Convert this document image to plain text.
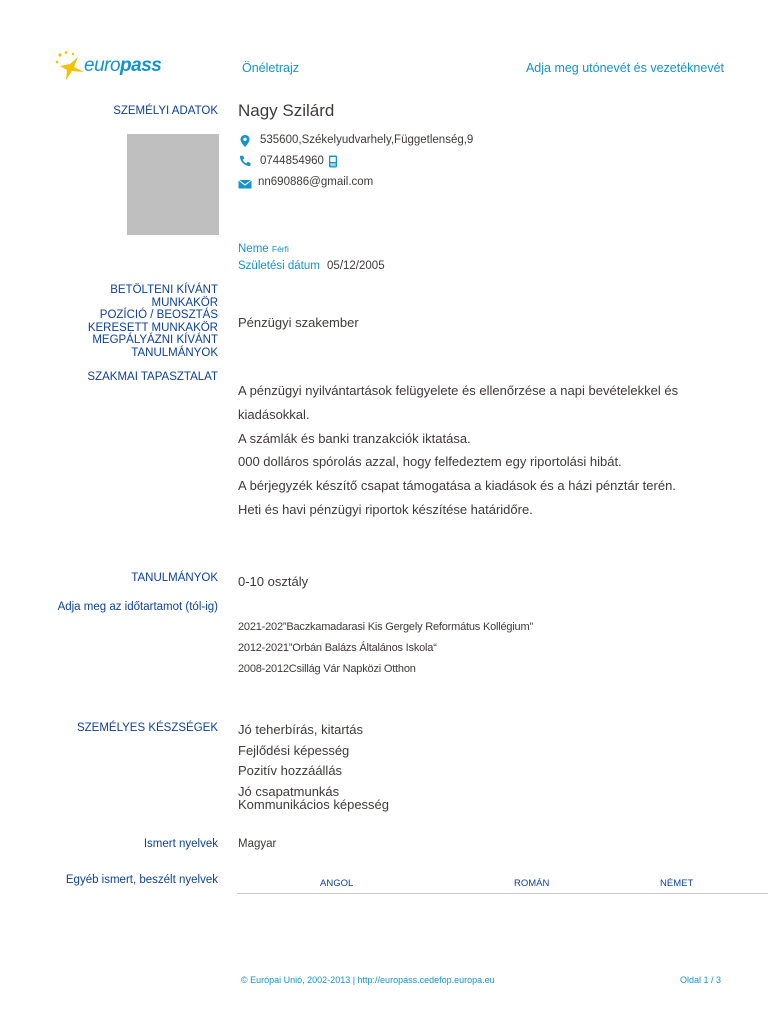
europass	Önéletrajz	Adja meg utónevét és vezetéknevét
SZEMÉLYI ADATOK Nagy Szilárd
535600,Székelyudvarhely,Függetlenség,9
0744854960
nn690886@gmail.com
Neme Férfi
Születési dátum 05/12/2005
BETÖLTENI KÍVÁNT
MUNKAKÖR
POZÍCIÓ / BEOSZTÁS
KERESETT MUNKAKÖR
MEGPÁLYÁZNI KÍVÁNT
TANULMÁNYOK
Pénzügyi szakember
SZAKMAI TAPASZTALAT
A pénzügyi nyilvántartások felügyelete és ellenőrzése a napi bevételekkel és
kiadásokkal.
A számlák és banki tranzakciók iktatása.
000 dolláros spórolás azzal, hogy felfedeztem egy riportolási hibát.
A bérjegyzék készítő csapat támogatása a kiadások és a házi pénztár terén.
Heti és havi pénzügyi riportok készítése határidőre.
TANULMÁNYOK 0-10 osztály
Adja meg az időtartamot (tól-ig)
2021-202”Baczkamadarasi Kis Gergely Református Kollégium”
2012-2021”Orbán Balázs Általános Iskola“
2008-2012Csillág Vár Napközi Otthon
SZEMÉLYES KÉSZSÉGEK Jó teherbírás, kitartás
Fejlődési képesség
Pozitív hozzáállás
Jó csapatmunkás
Kommunikácios képesség
Ismert nyelvek Magyar
Egyéb ismert, beszélt nyelvek	ANGOL	ROMÁN	NÉMET
© Európai Unió, 2002-2013 | http://europass.cedefop.europa.eu	Oldal 1 / 3
